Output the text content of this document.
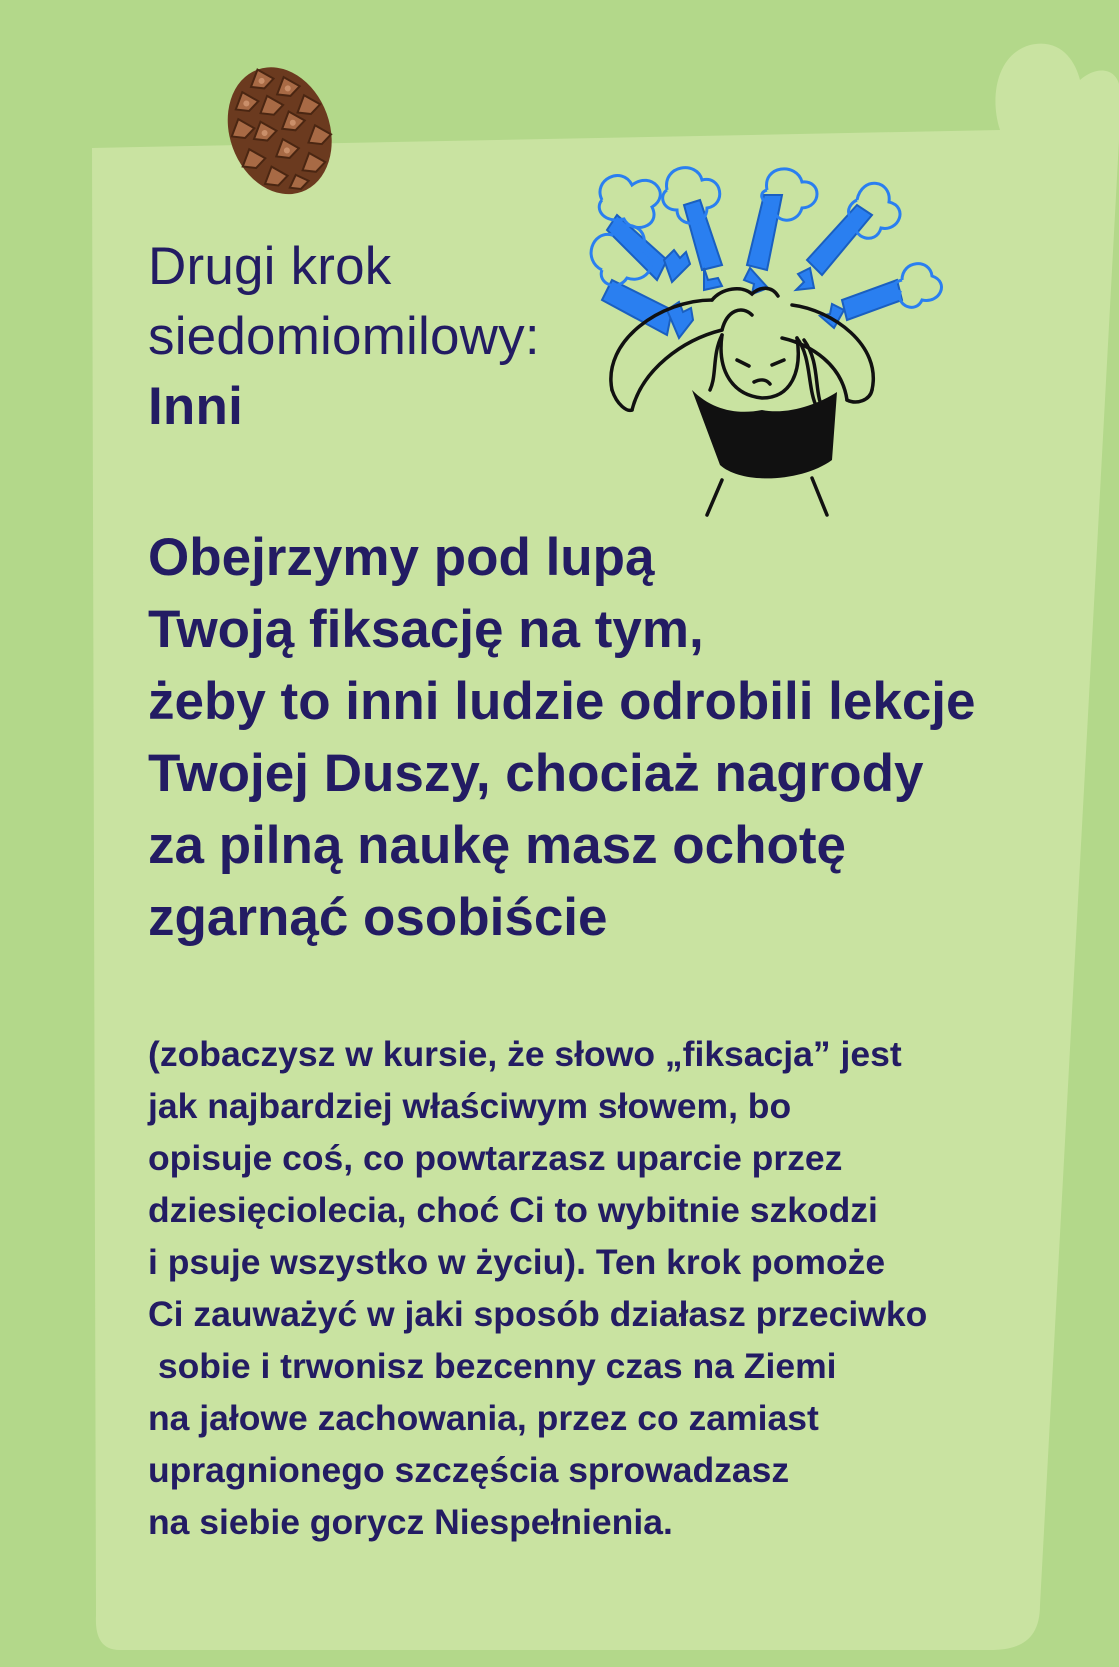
Drugi krok
siedomiomilowy:
Inni
Obejrzymy pod lupą
Twoją fiksację na tym,
żeby to inni ludzie odrobili lekcje
Twojej Duszy, chociaż nagrody
za pilną naukę masz ochotę
zgarnąć osobiście
(zobaczysz w kursie, że słowo „fiksacja” jest
jak najbardziej właściwym słowem, bo
opisuje coś, co powtarzasz uparcie przez
dziesięciolecia, choć Ci to wybitnie szkodzi
i psuje wszystko w życiu). Ten krok pomoże
Ci zauważyć w jaki sposób działasz przeciwko
sobie i trwonisz bezcenny czas na Ziemi
na jałowe zachowania, przez co zamiast
upragnionego szczęścia sprowadzasz
na siebie gorycz Niespełnienia.
